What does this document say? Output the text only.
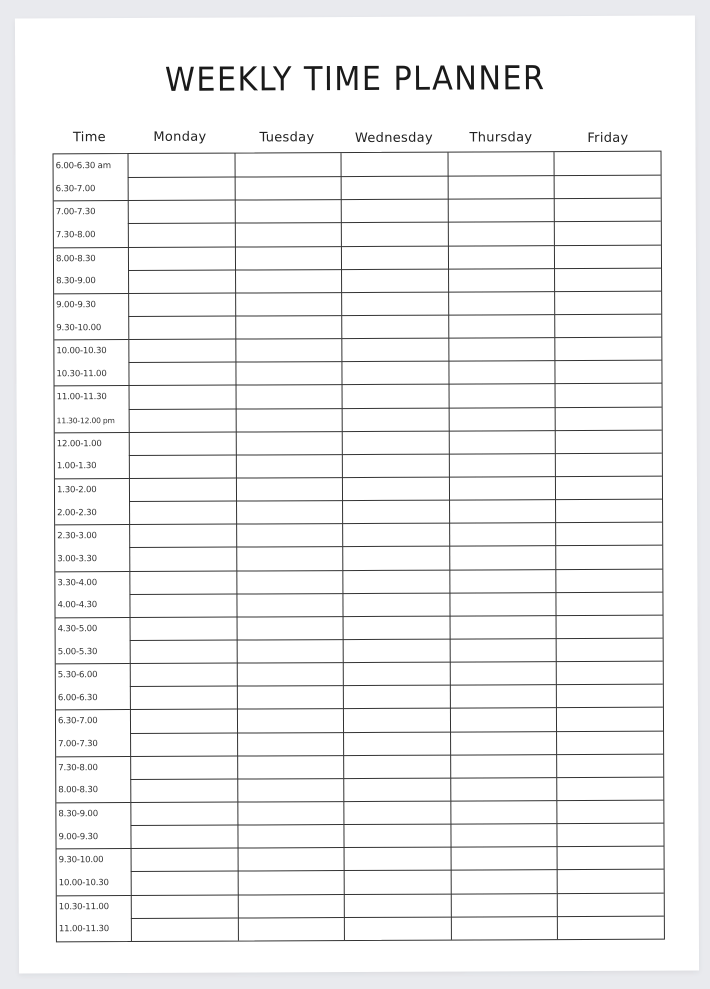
WEEKLY TIME PLANNER
Time	Monday	Tuesday	Wednesday	Thursday	Friday
6.00-6.30 am
6.30-7.00
7.00-7.30
7.30-8.00
8.00-8.30
8.30-9.00
9.00-9.30
9.30-10.00
10.00-10.30
10.30-11.00
11.00-11.30
11.30-12.00 pm
12.00-1.00
1.00-1.30
1.30-2.00
2.00-2.30
2.30-3.00
3.00-3.30
3.30-4.00
4.00-4.30
4.30-5.00
5.00-5.30
5.30-6.00
6.00-6.30
6.30-7.00
7.00-7.30
7.30-8.00
8.00-8.30
8.30-9.00
9.00-9.30
9.30-10.00
10.00-10.30
10.30-11.00
11.00-11.30
